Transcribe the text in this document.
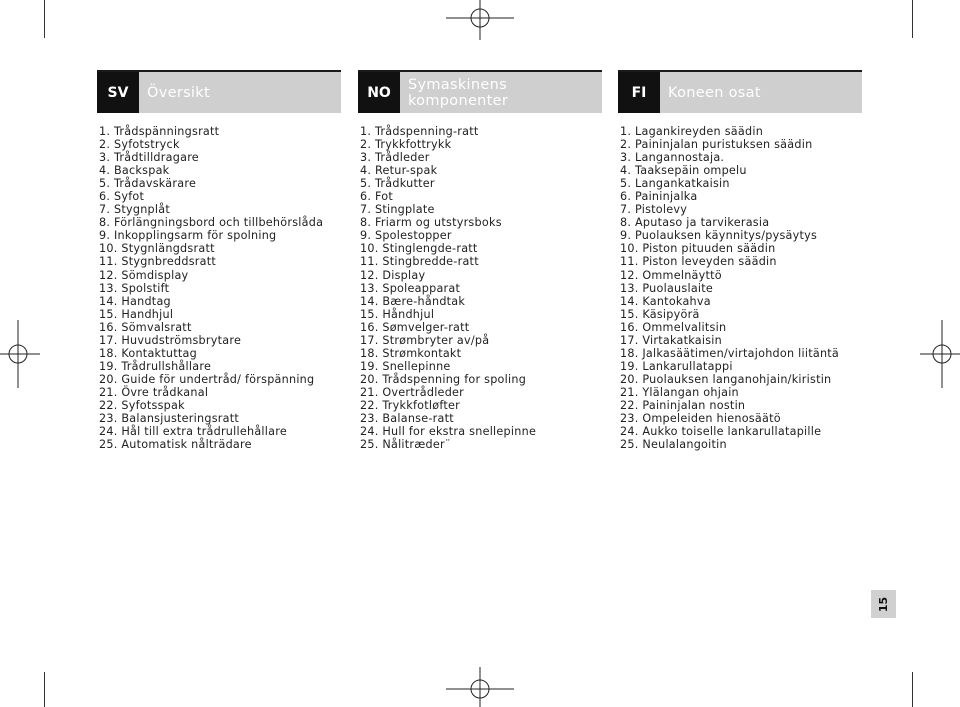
SV	Översikt
1. Trådspänningsratt
2. Syfotstryck
3. Trådtilldragare
4. Backspak
5. Trådavskärare
6. Syfot
7. Stygnplåt
8. Förlängningsbord och tillbehörslåda
9. Inkopplingsarm för spolning
10. Stygnlängdsratt
11. Stygnbreddsratt
12. Sömdisplay
13. Spolstift
14. Handtag
15. Handhjul
16. Sömvalsratt
17. Huvudströmsbrytare
18. Kontaktuttag
19. Trådrullshållare
20. Guide för undertråd/ förspänning
21. Övre trådkanal
22. Syfotsspak
23. Balansjusteringsratt
24. Hål till extra trådrullehållare
25. Automatisk nålträdare
NO	Symaskinens komponenter
1. Trådspenning-ratt
2. Trykkfottrykk
3. Trådleder
4. Retur-spak
5. Trådkutter
6. Fot
7. Stingplate
8. Friarm og utstyrsboks
9. Spolestopper
10. Stinglengde-ratt
11. Stingbredde-ratt
12. Display
13. Spoleapparat
14. Bære-håndtak
15. Håndhjul
16. Sømvelger-ratt
17. Strømbryter av/på
18. Strømkontakt
19. Snellepinne
20. Trådspenning for spoling
21. Overtrådleder
22. Trykkfotløfter
23. Balanse-ratt
24. Hull for ekstra snellepinne
25. Nålitræder¨
FI	Koneen osat
1. Lagankireyden säädin
2. Paininjalan puristuksen säädin
3. Langannostaja.
4. Taaksepäin ompelu
5. Langankatkaisin
6. Paininjalka
7. Pistolevy
8. Aputaso ja tarvikerasia
9. Puolauksen käynnitys/pysäytys
10. Piston pituuden säädin
11. Piston leveyden säädin
12. Ommelnäyttö
13. Puolauslaite
14. Kantokahva
15. Käsipyörä
16. Ommelvalitsin
17. Virtakatkaisin
18. Jalkasäätimen/virtajohdon liitäntä
19. Lankarullatappi
20. Puolauksen langanohjain/kiristin
21. Ylälangan ohjain
22. Paininjalan nostin
23. Ompeleiden hienosäätö
24. Aukko toiselle lankarullatapille
25. Neulalangoitin
15
